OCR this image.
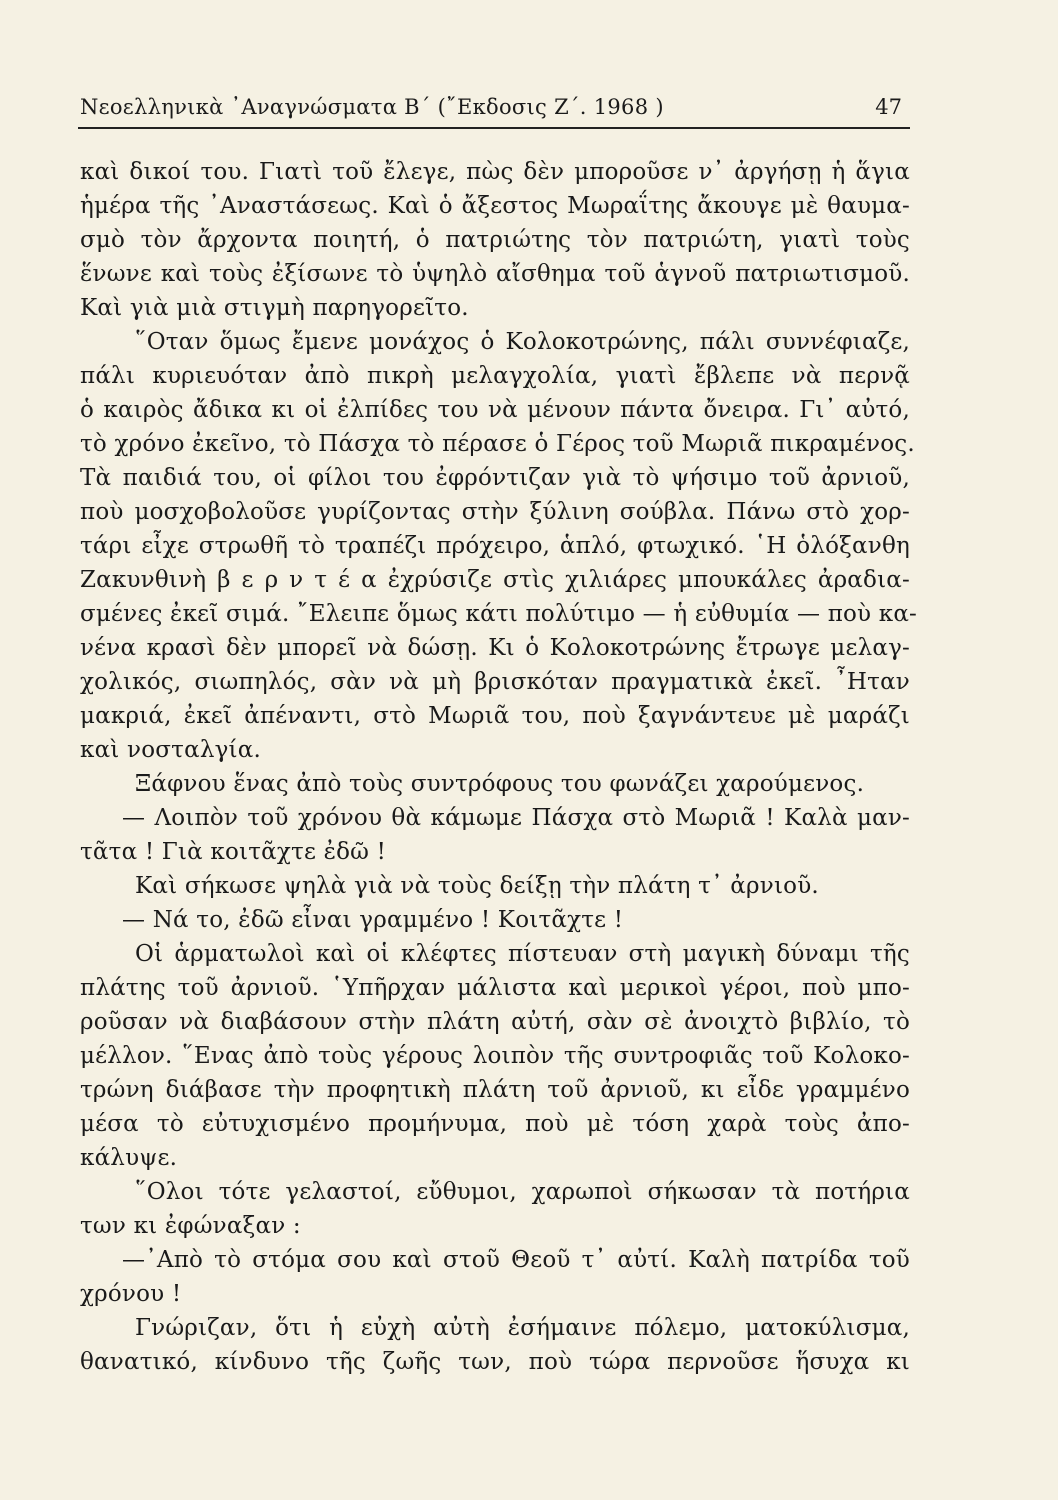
Νεοελληνικὰ ᾿Αναγνώσματα Β΄ (῎Εκδοσις Ζ΄. 1968 )	47
καὶ δικοί του. Γιατὶ τοῦ ἔλεγε, πὼς δὲν μποροῦσε ν᾿ ἀργήσῃ ἡ ἅγια
ἡμέρα τῆς ᾿Αναστάσεως. Καὶ ὁ ἄξεστος Μωραΐτης ἄκουγε μὲ θαυμα-
σμὸ τὸν ἄρχοντα ποιητή, ὁ πατριώτης τὸν πατριώτη, γιατὶ τοὺς
ἕνωνε καὶ τοὺς ἐξίσωνε τὸ ὑψηλὸ αἴσθημα τοῦ ἁγνοῦ πατριωτισμοῦ.
Καὶ γιὰ μιὰ στιγμὴ παρηγορεῖτο.
῞Οταν ὅμως ἔμενε μονάχος ὁ Κολοκοτρώνης, πάλι συννέφιαζε,
πάλι κυριευόταν ἀπὸ πικρὴ μελαγχολία, γιατὶ ἔβλεπε νὰ περνᾷ
ὁ καιρὸς ἄδικα κι οἱ ἐλπίδες του νὰ μένουν πάντα ὄνειρα. Γι᾿ αὐτό,
τὸ χρόνο ἐκεῖνο, τὸ Πάσχα τὸ πέρασε ὁ Γέρος τοῦ Μωριᾶ πικραμένος.
Τὰ παιδιά του, οἱ φίλοι του ἐφρόντιζαν γιὰ τὸ ψήσιμο τοῦ ἀρνιοῦ,
ποὺ μοσχοβολοῦσε γυρίζοντας στὴν ξύλινη σούβλα. Πάνω στὸ χορ-
τάρι εἶχε στρωθῆ τὸ τραπέζι πρόχειρο, ἁπλό, φτωχικό. ῾Η ὁλόξανθη
Ζακυνθινὴ β ε ρ ν τ έ α ἐχρύσιζε στὶς χιλιάρες μπουκάλες ἀραδια-
σμένες ἐκεῖ σιμά. ῎Ελειπε ὅμως κάτι πολύτιμο — ἡ εὐθυμία — ποὺ κα-
νένα κρασὶ δὲν μπορεῖ νὰ δώσῃ. Κι ὁ Κολοκοτρώνης ἔτρωγε μελαγ-
χολικός, σιωπηλός, σὰν νὰ μὴ βρισκόταν πραγματικὰ ἐκεῖ. ῏Ηταν
μακριά, ἐκεῖ ἀπέναντι, στὸ Μωριᾶ του, ποὺ ξαγνάντευε μὲ μαράζι
καὶ νοσταλγία.
Ξάφνου ἕνας ἀπὸ τοὺς συντρόφους του φωνάζει χαρούμενος.
— Λοιπὸν τοῦ χρόνου θὰ κάμωμε Πάσχα στὸ Μωριᾶ ! Καλὰ μαν-
τᾶτα ! Γιὰ κοιτᾶχτε ἐδῶ !
Καὶ σήκωσε ψηλὰ γιὰ νὰ τοὺς δείξῃ τὴν πλάτη τ᾿ ἀρνιοῦ.
— Νά το, ἐδῶ εἶναι γραμμένο ! Κοιτᾶχτε !
Οἱ ἁρματωλοὶ καὶ οἱ κλέφτες πίστευαν στὴ μαγικὴ δύναμι τῆς
πλάτης τοῦ ἀρνιοῦ. ῾Υπῆρχαν μάλιστα καὶ μερικοὶ γέροι, ποὺ μπο-
ροῦσαν νὰ διαβάσουν στὴν πλάτη αὐτή, σὰν σὲ ἀνοιχτὸ βιβλίο, τὸ
μέλλον. ῞Ενας ἀπὸ τοὺς γέρους λοιπὸν τῆς συντροφιᾶς τοῦ Κολοκο-
τρώνη διάβασε τὴν προφητικὴ πλάτη τοῦ ἀρνιοῦ, κι εἶδε γραμμένο
μέσα τὸ εὐτυχισμένο προμήνυμα, ποὺ μὲ τόση χαρὰ τοὺς ἀπο-
κάλυψε.
῞Ολοι τότε γελαστοί, εὔθυμοι, χαρωποὶ σήκωσαν τὰ ποτήρια
των κι ἐφώναξαν :
—᾿Απὸ τὸ στόμα σου καὶ στοῦ Θεοῦ τ᾿ αὐτί. Καλὴ πατρίδα τοῦ
χρόνου !
Γνώριζαν, ὅτι ἡ εὐχὴ αὐτὴ ἐσήμαινε πόλεμο, ματοκύλισμα,
θανατικό, κίνδυνο τῆς ζωῆς των, ποὺ τώρα περνοῦσε ἥσυχα κι
